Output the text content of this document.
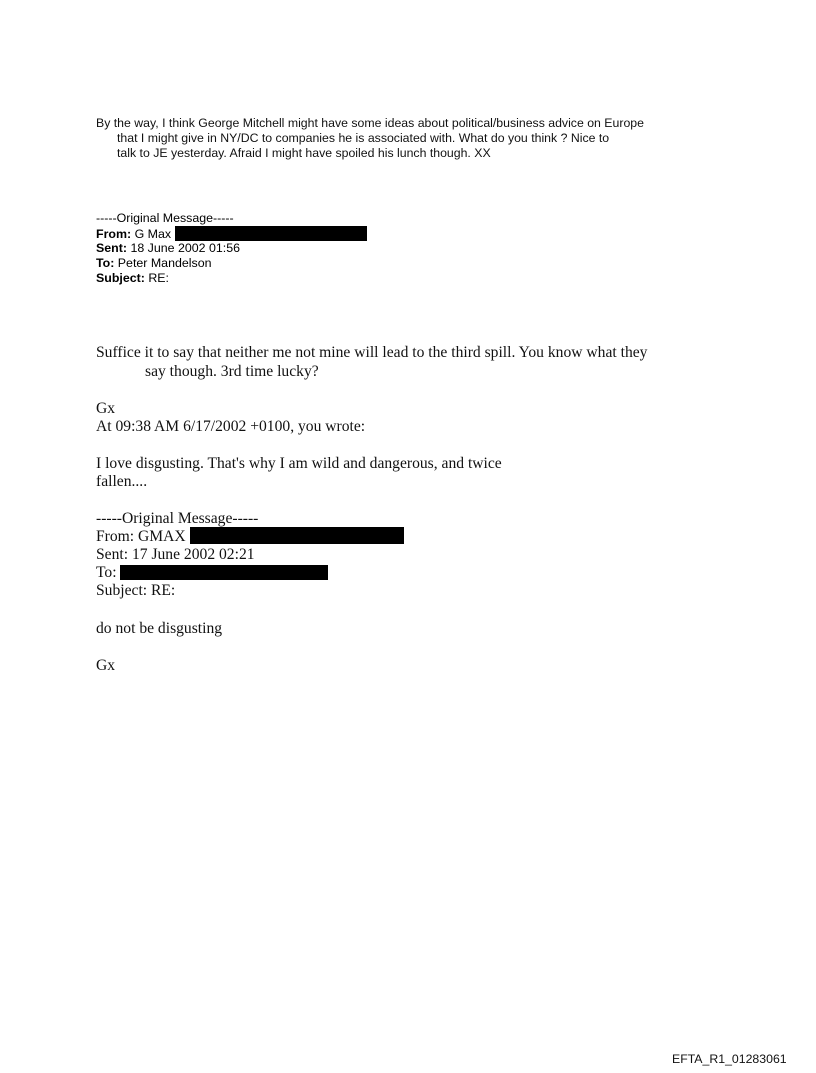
By the way, I think George Mitchell might have some ideas about political/business advice on Europe
that I might give in NY/DC to companies he is associated with. What do you think ? Nice to
talk to JE yesterday. Afraid I might have spoiled his lunch though. XX
-----Original Message-----
From: G Max
Sent: 18 June 2002 01:56
To: Peter Mandelson
Subject: RE:
Suffice it to say that neither me not mine will lead to the third spill. You know what they
say though. 3rd time lucky?
Gx
At 09:38 AM 6/17/2002 +0100, you wrote:
I love disgusting. That's why I am wild and dangerous, and twice
fallen....
-----Original Message-----
From: GMAX
Sent: 17 June 2002 02:21
To:
Subject: RE:
do not be disgusting
Gx
EFTA_R1_01283061
